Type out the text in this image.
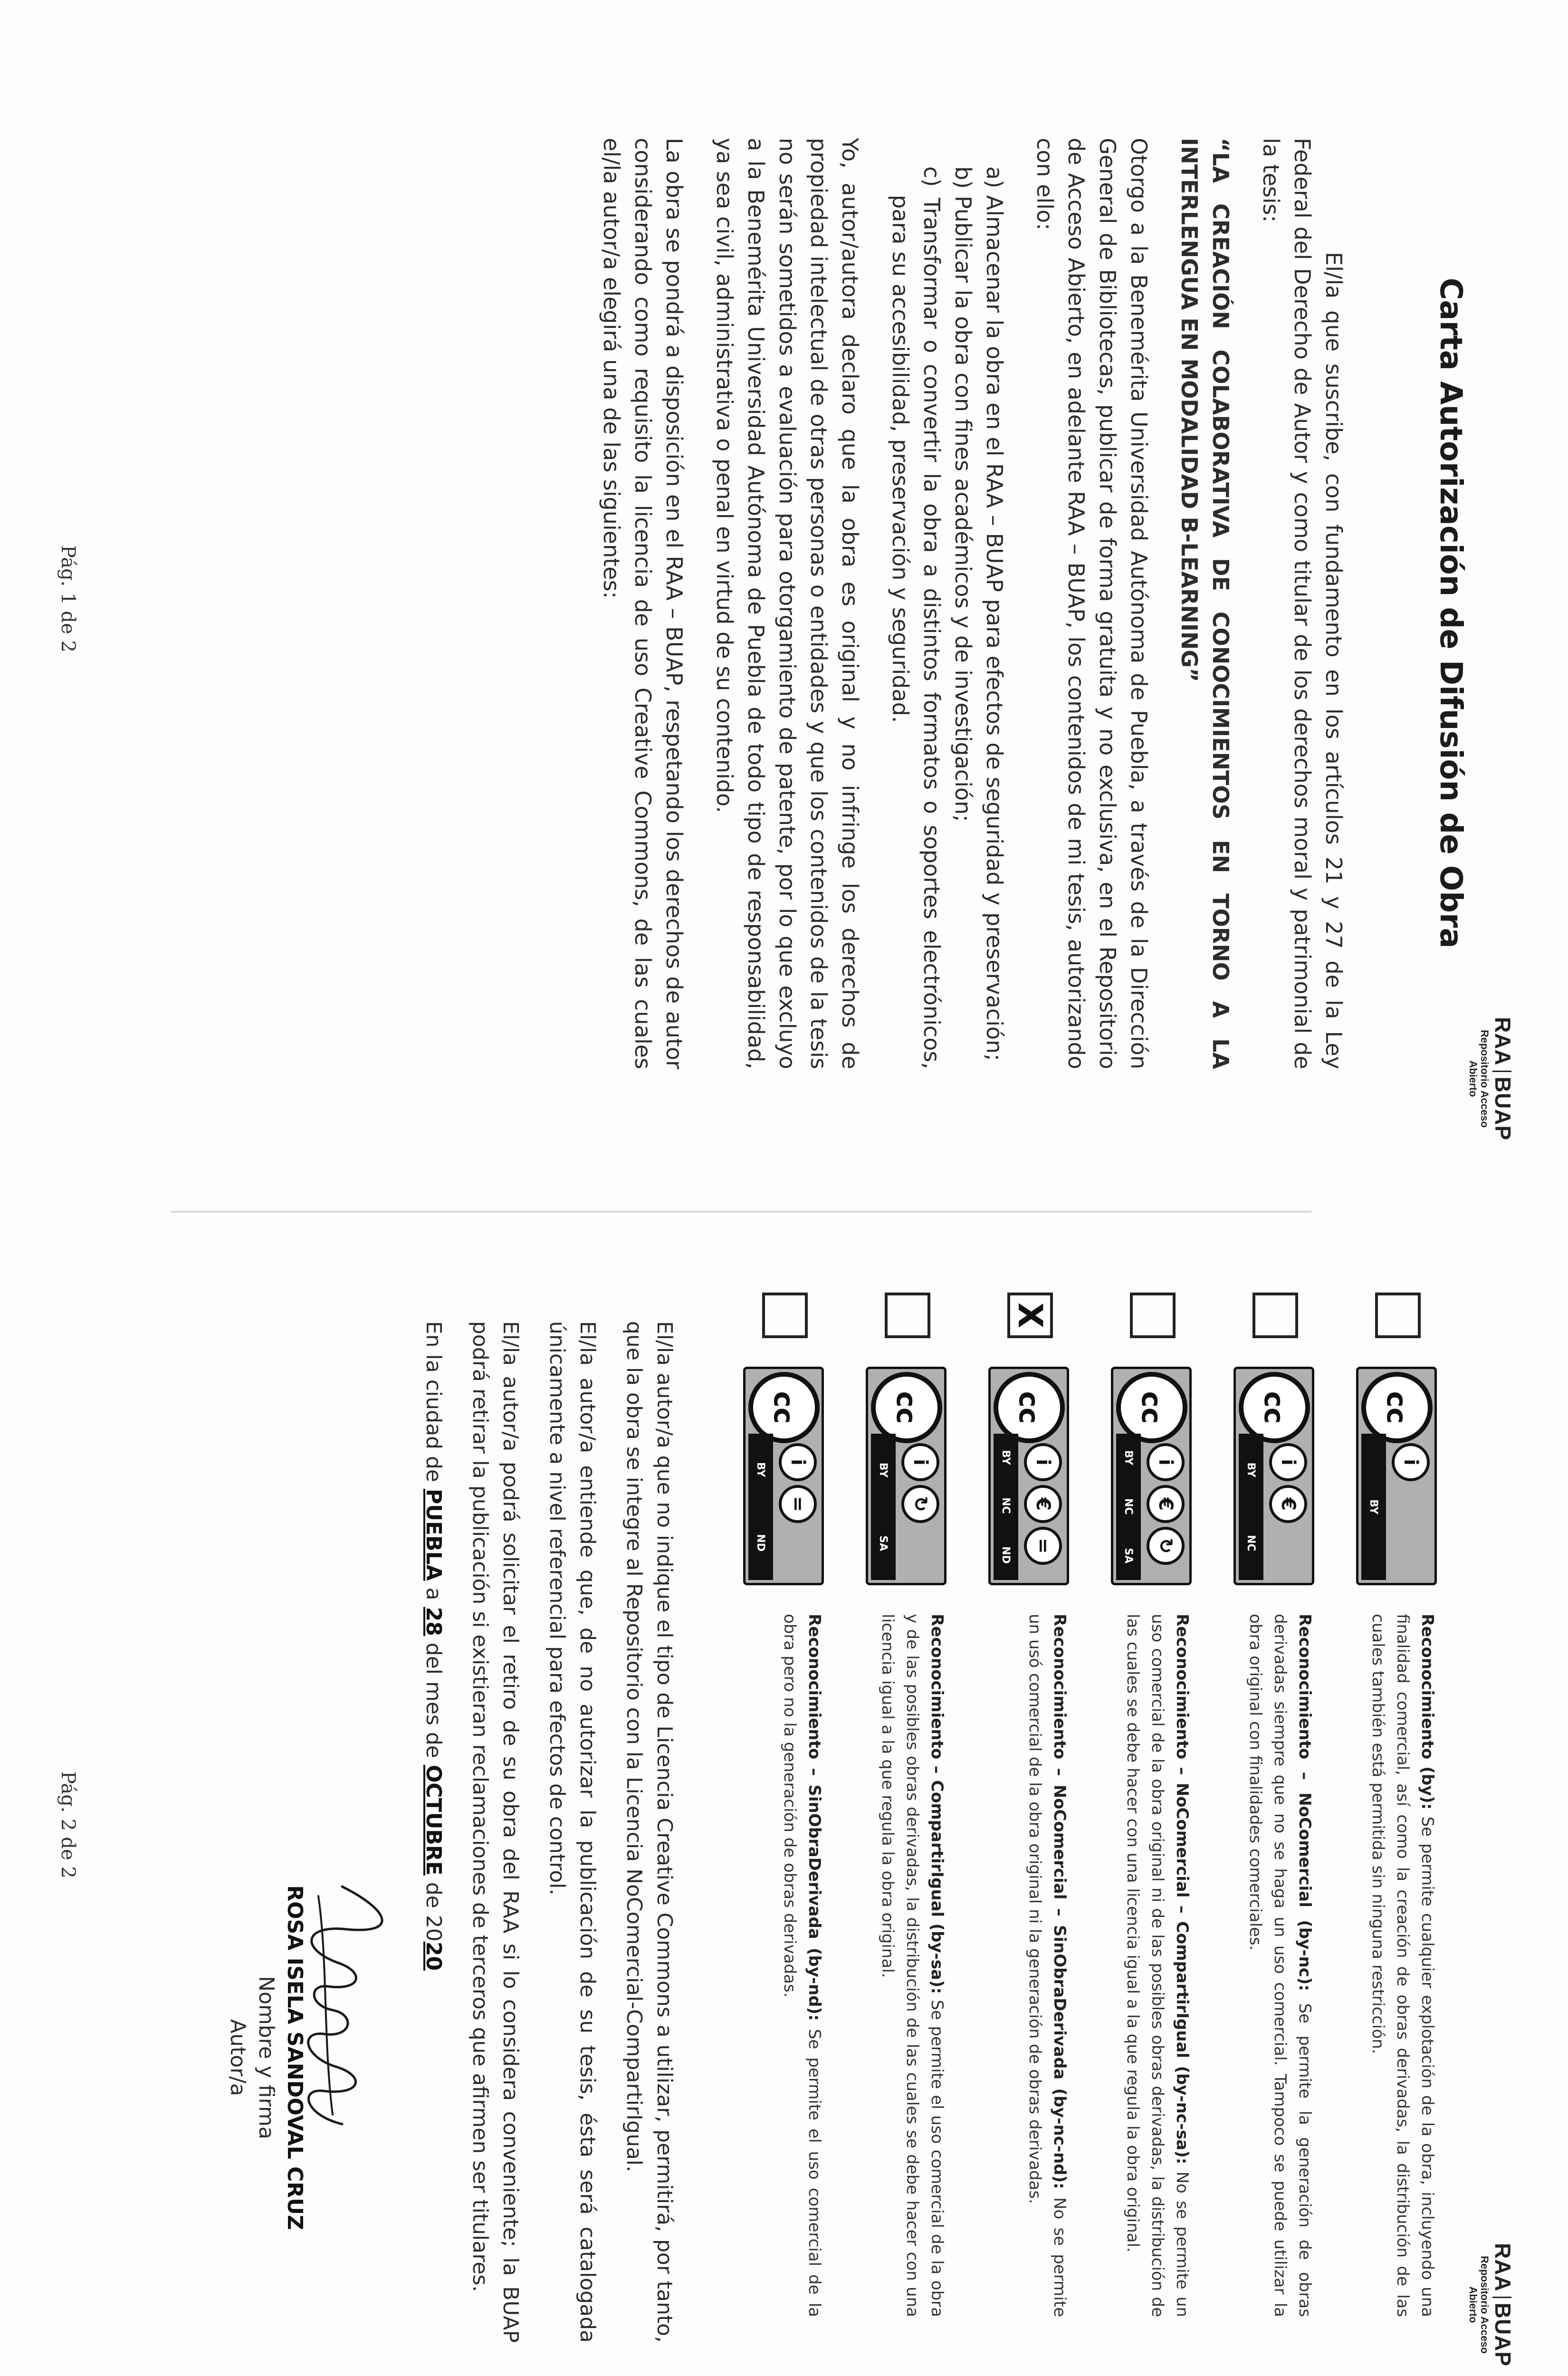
RAABUAP
Repositorio Acceso
Abierto
Carta Autorización de Difusión de Obra

El/la que suscribe, con fundamento en los artículos 21 y 27 de la Ley Federal del Derecho de Autor y como titular de los derechos moral y patrimonial de la tesis:

“LA CREACIÓN COLABORATIVA DE CONOCIMIENTOS EN TORNO A LA INTERLENGUA EN MODALIDAD B-LEARNING”

Otorgo a la Benemérita Universidad Autónoma de Puebla, a través de la Dirección General de Bibliotecas, publicar de forma gratuita y no exclusiva, en el Repositorio de Acceso Abierto, en adelante RAA – BUAP, los contenidos de mi tesis, autorizando con ello:

a) Almacenar la obra en el RAA – BUAP para efectos de seguridad y preservación;
b) Publicar la obra con fines académicos y de investigación;
c) Transformar o convertir la obra a distintos formatos o soportes electrónicos, para su accesibilidad, preservación y seguridad.

Yo, autor/autora declaro que la obra es original y no infringe los derechos de propiedad intelectual de otras personas o entidades y que los contenidos de la tesis no serán sometidos a evaluación para otorgamiento de patente, por lo que excluyo a la Benemérita Universidad Autónoma de Puebla de todo tipo de responsabilidad, ya sea civil, administrativa o penal en virtud de su contenido.

La obra se pondrá a disposición en el RAA – BUAP, respetando los derechos de autor considerando como requisito la licencia de uso Creative Commons, de las cuales el/la autor/a elegirá una de las siguientes:

Pág. 1 de 2
RAABUAP
Repositorio Acceso
Abierto
cc
BY
i
Reconocimiento (by): Se permite cualquier explotación de la obra, incluyendo una finalidad comercial, así como la creación de obras derivadas, la distribución de las cuales también está permitida sin ninguna restricción.
cc
BY
NC
i
€
Reconocimiento – NoComercial (by-nc): Se permite la generación de obras derivadas siempre que no se haga un uso comercial. Tampoco se puede utilizar la obra original con finalidades comerciales.
cc
BY
NC
SA
i
€
↻
Reconocimiento – NoComercial – CompartirIgual (by-nc-sa): No se permite un uso comercial de la obra original ni de las posibles obras derivadas, la distribución de las cuales se debe hacer con una licencia igual a la que regula la obra original.
X
cc
BY
NC
ND
i
€
=
Reconocimiento – NoComercial – SinObraDerivada (by-nc-nd): No se permite un usó comercial de la obra original ni la generación de obras derivadas.
cc
BY
SA
i
↻
Reconocimiento – CompartirIgual (by-sa): Se permite el uso comercial de la obra y de las posibles obras derivadas, la distribución de las cuales se debe hacer con una licencia igual a la que regula la obra original.
cc
BY
ND
i
=
Reconocimiento – SinObraDerivada (by-nd): Se permite el uso comercial de la obra pero no la generación de obras derivadas.

El/la autor/a que no indique el tipo de Licencia Creative Commons a utilizar, permitirá, por tanto, que la obra se integre al Repositorio con la Licencia NoComercial-CompartirIgual.

El/la autor/a entiende que, de no autorizar la publicación de su tesis, ésta será catalogada únicamente a nivel referencial para efectos de control.

El/la autor/a podrá solicitar el retiro de su obra del RAA si lo considera conveniente; la BUAP podrá retirar la publicación si existieran reclamaciones de terceros que afirmen ser titulares.

En la ciudad de PUEBLA a 28 del mes de OCTUBRE de 2020

ROSA ISELA SANDOVAL CRUZ
Nombre y firma
Autor/a
Pág. 2 de 2
